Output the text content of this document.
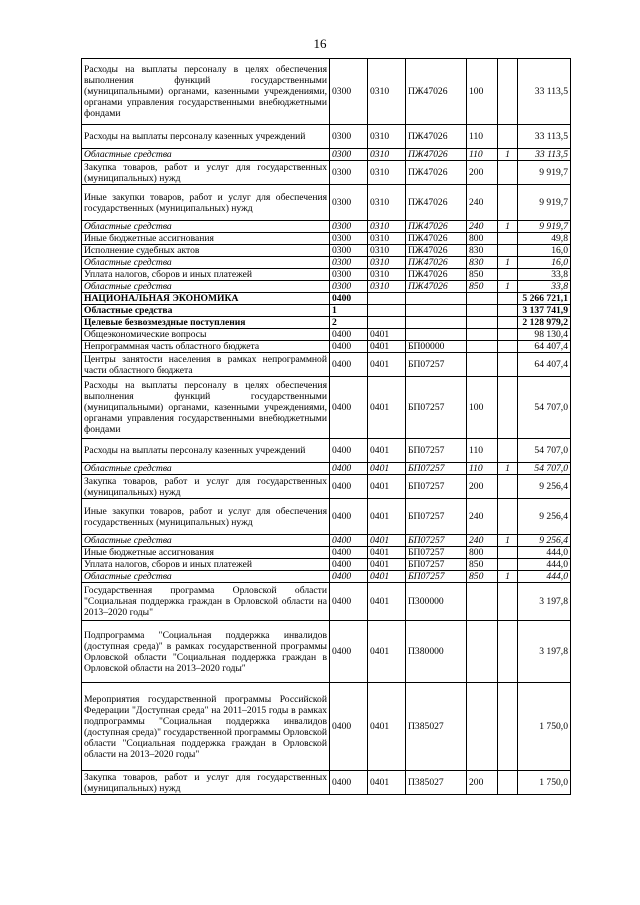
16
Расходы на выплаты персоналу в целях обеспечения выполнения функций государственными (муниципальными) органами, казенными учреждениями, органами управления государственными внебюджетными фондами	0300	0310	ПЖ47026	100		33 113,5
Расходы на выплаты персоналу казенных учреждений	0300	0310	ПЖ47026	110		33 113,5
Областные средства	0300	0310	ПЖ47026	110	1	33 113,5
Закупка товаров, работ и услуг для государственных (муниципальных) нужд	0300	0310	ПЖ47026	200		9 919,7
Иные закупки товаров, работ и услуг для обеспечения государственных (муниципальных) нужд	0300	0310	ПЖ47026	240		9 919,7
Областные средства	0300	0310	ПЖ47026	240	1	9 919,7
Иные бюджетные ассигнования	0300	0310	ПЖ47026	800		49,8
Исполнение судебных актов	0300	0310	ПЖ47026	830		16,0
Областные средства	0300	0310	ПЖ47026	830	1	16,0
Уплата налогов, сборов и иных платежей	0300	0310	ПЖ47026	850		33,8
Областные средства	0300	0310	ПЖ47026	850	1	33,8
НАЦИОНАЛЬНАЯ ЭКОНОМИКА	0400					5 266 721,1
Областные средства	1					3 137 741,9
Целевые безвозмездные поступления	2					2 128 979,2
Общеэкономические вопросы	0400	0401				98 130,4
Непрограммная часть областного бюджета	0400	0401	БП00000			64 407,4
Центры занятости населения в рамках непрограммной части областного бюджета	0400	0401	БП07257			64 407,4
Расходы на выплаты персоналу в целях обеспечения выполнения функций государственными (муниципальными) органами, казенными учреждениями, органами управления государственными внебюджетными фондами	0400	0401	БП07257	100		54 707,0
Расходы на выплаты персоналу казенных учреждений	0400	0401	БП07257	110		54 707,0
Областные средства	0400	0401	БП07257	110	1	54 707,0
Закупка товаров, работ и услуг для государственных (муниципальных) нужд	0400	0401	БП07257	200		9 256,4
Иные закупки товаров, работ и услуг для обеспечения государственных (муниципальных) нужд	0400	0401	БП07257	240		9 256,4
Областные средства	0400	0401	БП07257	240	1	9 256,4
Иные бюджетные ассигнования	0400	0401	БП07257	800		444,0
Уплата налогов, сборов и иных платежей	0400	0401	БП07257	850		444,0
Областные средства	0400	0401	БП07257	850	1	444,0
Государственная программа Орловской области "Социальная поддержка граждан в Орловской области на 2013–2020 годы"	0400	0401	П300000			3 197,8
Подпрограмма "Социальная поддержка инвалидов (доступная среда)" в рамках государственной программы Орловской области "Социальная поддержка граждан в Орловской области на 2013–2020 годы"	0400	0401	П380000			3 197,8
Мероприятия государственной программы Российской Федерации "Доступная среда" на 2011–2015 годы в рамках подпрограммы "Социальная поддержка инвалидов (доступная среда)" государственной программы Орловской области "Социальная поддержка граждан в Орловской области на 2013–2020 годы"	0400	0401	П385027			1 750,0
Закупка товаров, работ и услуг для государственных (муниципальных) нужд	0400	0401	П385027	200		1 750,0
